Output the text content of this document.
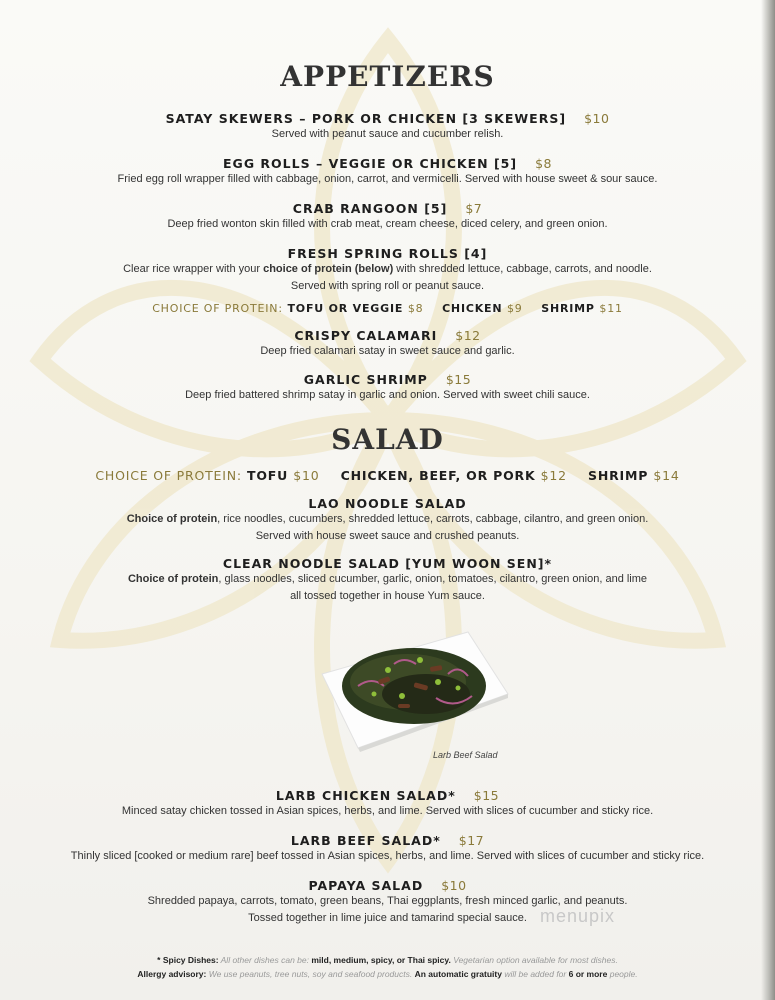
APPETIZERS
SATAY SKEWERS – PORK OR CHICKEN [3 SKEWERS] $10
Served with peanut sauce and cucumber relish.
EGG ROLLS – VEGGIE OR CHICKEN [5] $8
Fried egg roll wrapper filled with cabbage, onion, carrot, and vermicelli. Served with house sweet & sour sauce.
CRAB RANGOON [5] $7
Deep fried wonton skin filled with crab meat, cream cheese, diced celery, and green onion.
FRESH SPRING ROLLS [4]
Clear rice wrapper with your choice of protein (below) with shredded lettuce, cabbage, carrots, and noodle.
Served with spring roll or peanut sauce.
CHOICE OF PROTEIN: TOFU OR VEGGIE $8 CHICKEN $9 SHRIMP $11
CRISPY CALAMARI $12
Deep fried calamari satay in sweet sauce and garlic.
GARLIC SHRIMP $15
Deep fried battered shrimp satay in garlic and onion. Served with sweet chili sauce.
SALAD
CHOICE OF PROTEIN: TOFU $10 CHICKEN, BEEF, OR PORK $12 SHRIMP $14
LAO NOODLE SALAD
Choice of protein, rice noodles, cucumbers, shredded lettuce, carrots, cabbage, cilantro, and green onion.
Served with house sweet sauce and crushed peanuts.
CLEAR NOODLE SALAD [YUM WOON SEN]*
Choice of protein, glass noodles, sliced cucumber, garlic, onion, tomatoes, cilantro, green onion, and lime
all tossed together in house Yum sauce.
Larb Beef Salad
LARB CHICKEN SALAD* $15
Minced satay chicken tossed in Asian spices, herbs, and lime. Served with slices of cucumber and sticky rice.
LARB BEEF SALAD* $17
Thinly sliced [cooked or medium rare] beef tossed in Asian spices, herbs, and lime. Served with slices of cucumber and sticky rice.
PAPAYA SALAD $10
Shredded papaya, carrots, tomato, green beans, Thai eggplants, fresh minced garlic, and peanuts.
Tossed together in lime juice and tamarind special sauce.
* Spicy Dishes: All other dishes can be: mild, medium, spicy, or Thai spicy. Vegetarian option available for most dishes.
Allergy advisory: We use peanuts, tree nuts, soy and seafood products. An automatic gratuity will be added for 6 or more people.
menupix
